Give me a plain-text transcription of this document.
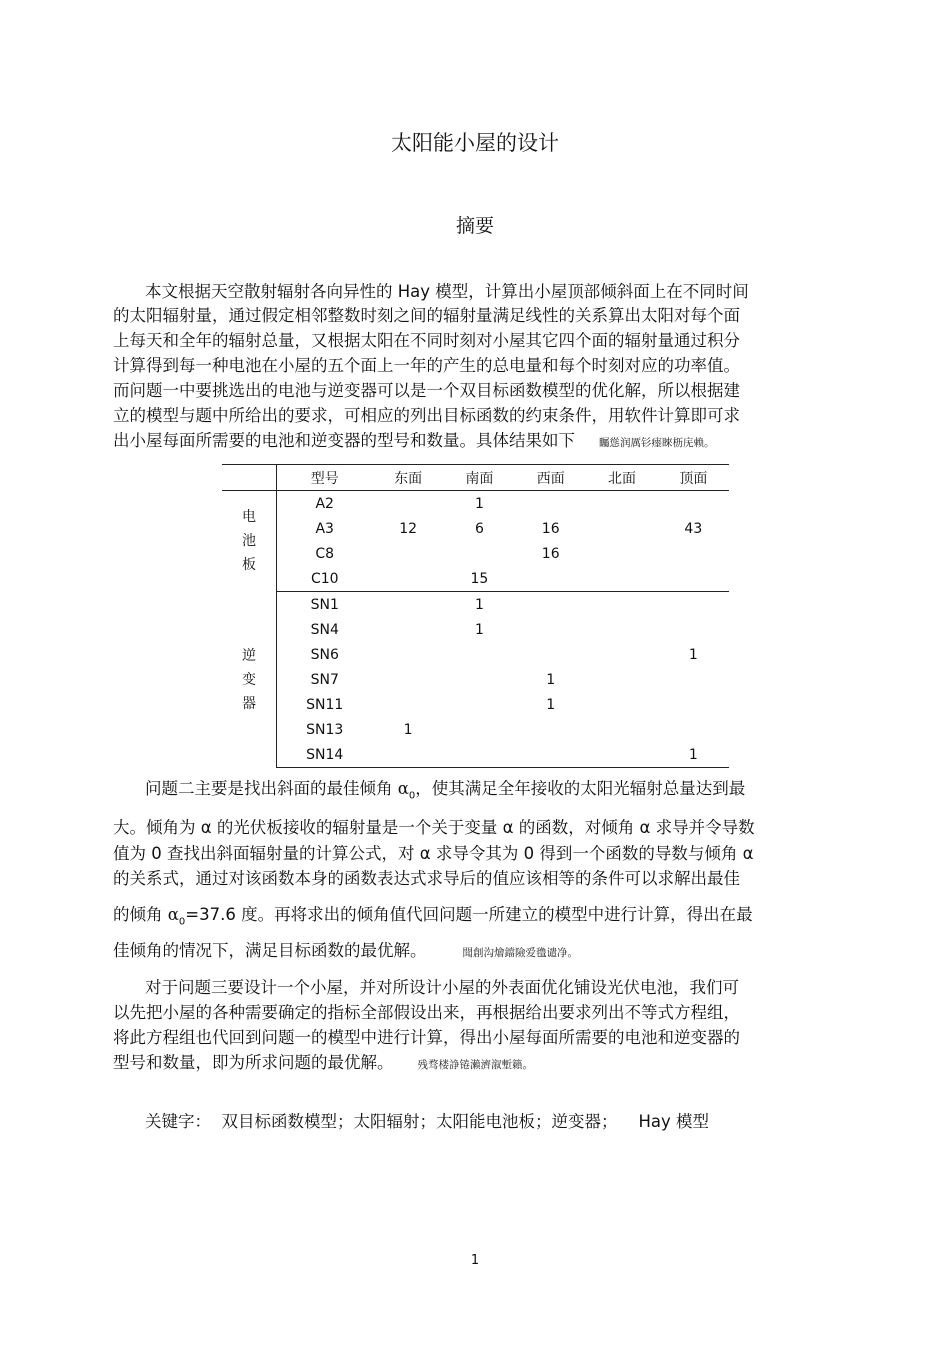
太阳能小屋的设计
摘要
本文根据天空散射辐射各向异性的 Hay 模型，计算出小屋顶部倾斜面上在不同时间
的太阳辐射量，通过假定相邻整数时刻之间的辐射量满足线性的关系算出太阳对每个面
上每天和全年的辐射总量，又根据太阳在不同时刻对小屋其它四个面的辐射量通过积分
计算得到每一种电池在小屋的五个面上一年的产生的总电量和每个时刻对应的功率值。
而问题一中要挑选出的电池与逆变器可以是一个双目标函数模型的优化解，所以根据建
立的模型与题中所给出的要求，可相应的列出目标函数的约束条件，用软件计算即可求
出小屋每面所需要的电池和逆变器的型号和数量。具体结果如下 矚慫润厲钐瘗睞枥庑赖。
	型号	东面	南面	西面	北面	顶面

电池板	A2		1			
	A3	12	6	16		43
	C8			16		
	C10		15			

逆变器	SN1		1			
	SN4		1			
	SN6					1
	SN7			1		
	SN11			1		
	SN13	1				
	SN14					1
问题二主要是找出斜面的最佳倾角 $\alpha_0$，使其满足全年接收的太阳光辐射总量达到最
大。倾角为 α 的光伏板接收的辐射量是一个关于变量 α 的函数，对倾角 α 求导并令导数
值为 0 查找出斜面辐射量的计算公式，对 α 求导令其为 0 得到一个函数的导数与倾角 α
的关系式，通过对该函数本身的函数表达式求导后的值应该相等的条件可以求解出最佳
的倾角 $\alpha_0=37.6$ 度。再将求出的倾角值代回问题一所建立的模型中进行计算，得出在最
佳倾角的情况下，满足目标函数的最优解。	聞創沟燴鐺險爱氇谴净。
对于问题三要设计一个小屋，并对所设计小屋的外表面优化铺设光伏电池，我们可
以先把小屋的各种需要确定的指标全部假设出来，再根据给出要求列出不等式方程组，
将此方程组也代回到问题一的模型中进行计算，得出小屋每面所需要的电池和逆变器的
型号和数量，即为所求问题的最优解。 残骛楼諍锩瀨濟溆塹籟。
关键字：  双目标函数模型；太阳辐射；太阳能电池板；逆变器；    Hay 模型
1
